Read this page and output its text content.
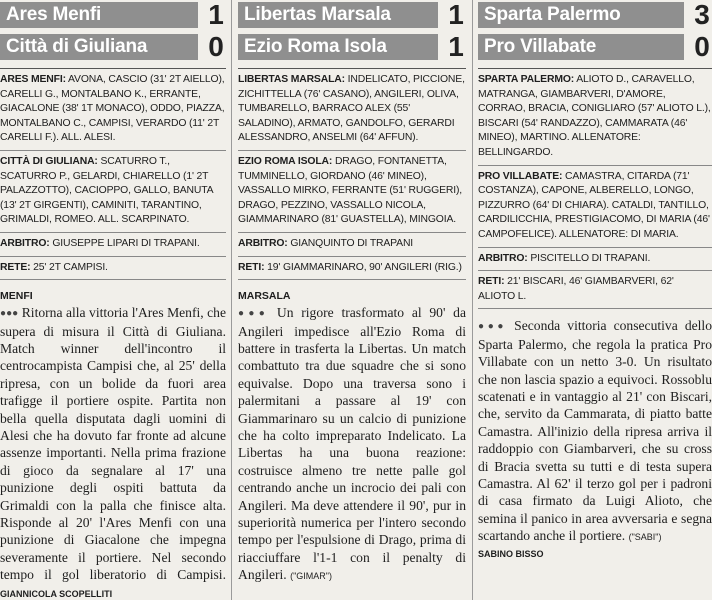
Ares Menfi	1
Città di Giuliana	0
ARES MENFI: AVONA, CASCIO (31' 2T AIELLO), CARELLI G., MONTALBANO K., ERRANTE, GIACALONE (38' 1T MONACO), ODDO, PIAZZA, MONTALBANO C., CAMPISI, VERARDO (11' 2T CARELLI F.). ALL. ALESI.
CITTÀ DI GIULIANA: SCATURRO T., SCATURRO P., GELARDI, CHIARELLO (1' 2T PALAZZOTTO), CACIOPPO, GALLO, BANUTA (13' 2T GIRGENTI), CAMINITI, TARANTINO, GRIMALDI, ROMEO. ALL. SCARPINATO.
ARBITRO: GIUSEPPE LIPARI DI TRAPANI.
RETE: 25' 2T CAMPISI.
MENFI
●●● Ritorna alla vittoria l'Ares Menfi, che supera di misura il Città di Giuliana. Match winner dell'incontro il centrocampista Campisi che, al 25' della ripresa, con un bolide da fuori area trafigge il portiere ospite. Partita non bella quella disputata dagli uomini di Alesi che ha dovuto far fronte ad alcune assenze importanti. Nella prima frazione di gioco da segnalare al 17' una punizione degli ospiti battuta da Grimaldi con la palla che finisce alta. Risponde al 20' l'Ares Menfi con una punizione di Giacalone che impegna severamente il portiere. Nel secondo tempo il gol liberatorio di Campisi. GIANNICOLA SCOPELLITI
Libertas Marsala	1
Ezio Roma Isola	1
LIBERTAS MARSALA: INDELICATO, PICCIONE, ZICHITTELLA (76' CASANO), ANGILERI, OLIVA, TUMBARELLO, BARRACO ALEX (55' SALADINO), ARMATO, GANDOLFO, GERARDI ALESSANDRO, ANSELMI (64' AFFUN).
EZIO ROMA ISOLA: DRAGO, FONTANETTA, TUMMINELLO, GIORDANO (46' MINEO), VASSALLO MIRKO, FERRANTE (51' RUGGERI), DRAGO, PEZZINO, VASSALLO NICOLA, GIAMMARINARO (81' GUASTELLA), MINGOIA.
ARBITRO: GIANQUINTO DI TRAPANI
RETI: 19' GIAMMARINARO, 90' ANGILERI (RIG.)
MARSALA
●●● Un rigore trasformato al 90' da Angileri impedisce all'Ezio Roma di battere in trasferta la Libertas. Un match combattuto tra due squadre che si sono equivalse. Dopo una traversa sono i palermitani a passare al 19' con Giammarinaro su un calcio di punizione che ha colto impreparato Indelicato. La Libertas ha una buona reazione: costruisce almeno tre nette palle gol centrando anche un incrocio dei pali con Angileri. Ma deve attendere il 90', pur in superiorità numerica per l'intero secondo tempo per l'espulsione di Drago, prima di riacciuffare l'1-1 con il penalty di Angileri. ("GIMAR")
Sparta Palermo	3
Pro Villabate	0
SPARTA PALERMO: ALIOTO D., CARAVELLO, MATRANGA, GIAMBARVERI, D'AMORE, CORRAO, BRACIA, CONIGLIARO (57' ALIOTO L.), BISCARI (54' RANDAZZO), CAMMARATA (46' MINEO), MARTINO. ALLENATORE: BELLINGARDO.
PRO VILLABATE: CAMASTRA, CITARDA (71' COSTANZA), CAPONE, ALBERELLO, LONGO, PIZZURRO (64' DI CHIARA). CATALDI, TANTILLO, CARDILICCHIA, PRESTIGIACOMO, DI MARIA (46' CAMPOFELICE). ALLENATORE: DI MARIA.
ARBITRO: PISCITELLO DI TRAPANI.
RETI: 21' BISCARI, 46' GIAMBARVERI, 62' ALIOTO L.
●●● Seconda vittoria consecutiva dello Sparta Palermo, che regola la pratica Pro Villabate con un netto 3-0. Un risultato che non lascia spazio a equivoci. Rossoblu scatenati e in vantaggio al 21' con Biscari, che, servito da Cammarata, di piatto batte Camastra. All'inizio della ripresa arriva il raddoppio con Giambarveri, che su cross di Bracia svetta su tutti e di testa supera Camastra. Al 62' il terzo gol per i padroni di casa firmato da Luigi Alioto, che semina il panico in area avversaria e segna scartando anche il portiere. ("SABI")
SABINO BISSO
